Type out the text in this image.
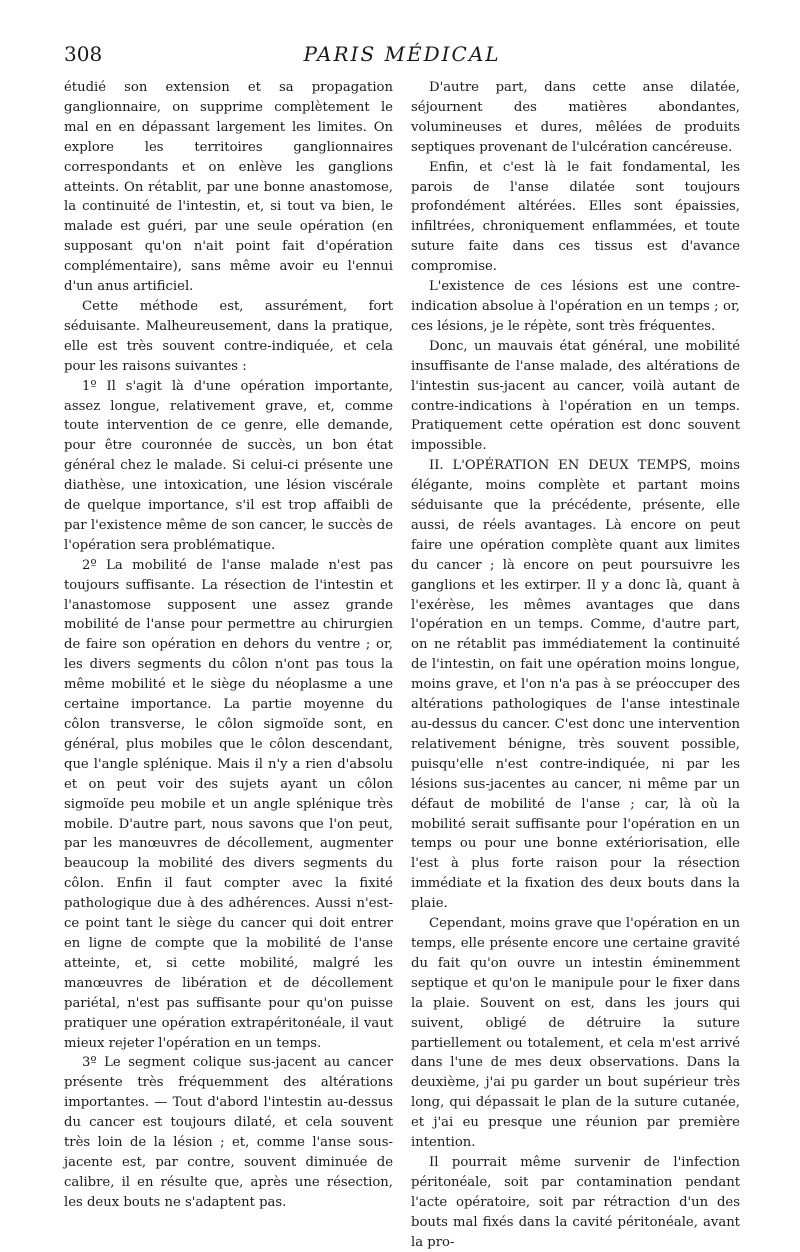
308	PARIS MÉDICAL

étudié son extension et sa propagation ganglionnaire, on supprime complètement le mal en en dépassant largement les limites. On explore les territoires ganglionnaires correspondants et on enlève les ganglions atteints. On rétablit, par une bonne anastomose, la continuité de l'intestin, et, si tout va bien, le malade est guéri, par une seule opération (en supposant qu'on n'ait point fait d'opération complémentaire), sans même avoir eu l'ennui d'un anus artificiel.

Cette méthode est, assurément, fort séduisante. Malheureusement, dans la pratique, elle est très souvent contre-indiquée, et cela pour les raisons suivantes :

1º Il s'agit là d'une opération importante, assez longue, relativement grave, et, comme toute intervention de ce genre, elle demande, pour être couronnée de succès, un bon état général chez le malade. Si celui-ci présente une diathèse, une intoxication, une lésion viscérale de quelque importance, s'il est trop affaibli de par l'existence même de son cancer, le succès de l'opération sera problématique.

2º La mobilité de l'anse malade n'est pas toujours suffisante. La résection de l'intestin et l'anastomose supposent une assez grande mobilité de l'anse pour permettre au chirurgien de faire son opération en dehors du ventre ; or, les divers segments du côlon n'ont pas tous la même mobilité et le siège du néoplasme a une certaine importance. La partie moyenne du côlon transverse, le côlon sigmoïde sont, en général, plus mobiles que le côlon descendant, que l'angle splénique. Mais il n'y a rien d'absolu et on peut voir des sujets ayant un côlon sigmoïde peu mobile et un angle splénique très mobile. D'autre part, nous savons que l'on peut, par les manœuvres de décollement, augmenter beaucoup la mobilité des divers segments du côlon. Enfin il faut compter avec la fixité pathologique due à des adhérences. Aussi n'est-ce point tant le siège du cancer qui doit entrer en ligne de compte que la mobilité de l'anse atteinte, et, si cette mobilité, malgré les manœuvres de libération et de décollement pariétal, n'est pas suffisante pour qu'on puisse pratiquer une opération extrapéritonéale, il vaut mieux rejeter l'opération en un temps.

3º Le segment colique sus-jacent au cancer présente très fréquemment des altérations importantes. — Tout d'abord l'intestin au-dessus du cancer est toujours dilaté, et cela souvent très loin de la lésion ; et, comme l'anse sous-jacente est, par contre, souvent diminuée de calibre, il en résulte que, après une résection, les deux bouts ne s'adaptent pas.

D'autre part, dans cette anse dilatée, séjournent des matières abondantes, volumineuses et dures, mêlées de produits septiques provenant de l'ulcération cancéreuse.

Enfin, et c'est là le fait fondamental, les parois de l'anse dilatée sont toujours profondément altérées. Elles sont épaissies, infiltrées, chroniquement enflammées, et toute suture faite dans ces tissus est d'avance compromise.

L'existence de ces lésions est une contre-indication absolue à l'opération en un temps ; or, ces lésions, je le répète, sont très fréquentes.

Donc, un mauvais état général, une mobilité insuffisante de l'anse malade, des altérations de l'intestin sus-jacent au cancer, voilà autant de contre-indications à l'opération en un temps. Pratiquement cette opération est donc souvent impossible.

II. L'OPÉRATION EN DEUX TEMPS, moins élégante, moins complète et partant moins séduisante que la précédente, présente, elle aussi, de réels avantages. Là encore on peut faire une opération complète quant aux limites du cancer ; là encore on peut poursuivre les ganglions et les extirper. Il y a donc là, quant à l'exérèse, les mêmes avantages que dans l'opération en un temps. Comme, d'autre part, on ne rétablit pas immédiatement la continuité de l'intestin, on fait une opération moins longue, moins grave, et l'on n'a pas à se préoccuper des altérations pathologiques de l'anse intestinale au-dessus du cancer. C'est donc une intervention relativement bénigne, très souvent possible, puisqu'elle n'est contre-indiquée, ni par les lésions sus-jacentes au cancer, ni même par un défaut de mobilité de l'anse ; car, là où la mobilité serait suffisante pour l'opération en un temps ou pour une bonne extériorisation, elle l'est à plus forte raison pour la résection immédiate et la fixation des deux bouts dans la plaie.

Cependant, moins grave que l'opération en un temps, elle présente encore une certaine gravité du fait qu'on ouvre un intestin éminemment septique et qu'on le manipule pour le fixer dans la plaie. Souvent on est, dans les jours qui suivent, obligé de détruire la suture partiellement ou totalement, et cela m'est arrivé dans l'une de mes deux observations. Dans la deuxième, j'ai pu garder un bout supérieur très long, qui dépassait le plan de la suture cutanée, et j'ai eu presque une réunion par première intention.

Il pourrait même survenir de l'infection péritonéale, soit par contamination pendant l'acte opératoire, soit par rétraction d'un des bouts mal fixés dans la cavité péritonéale, avant la pro-
